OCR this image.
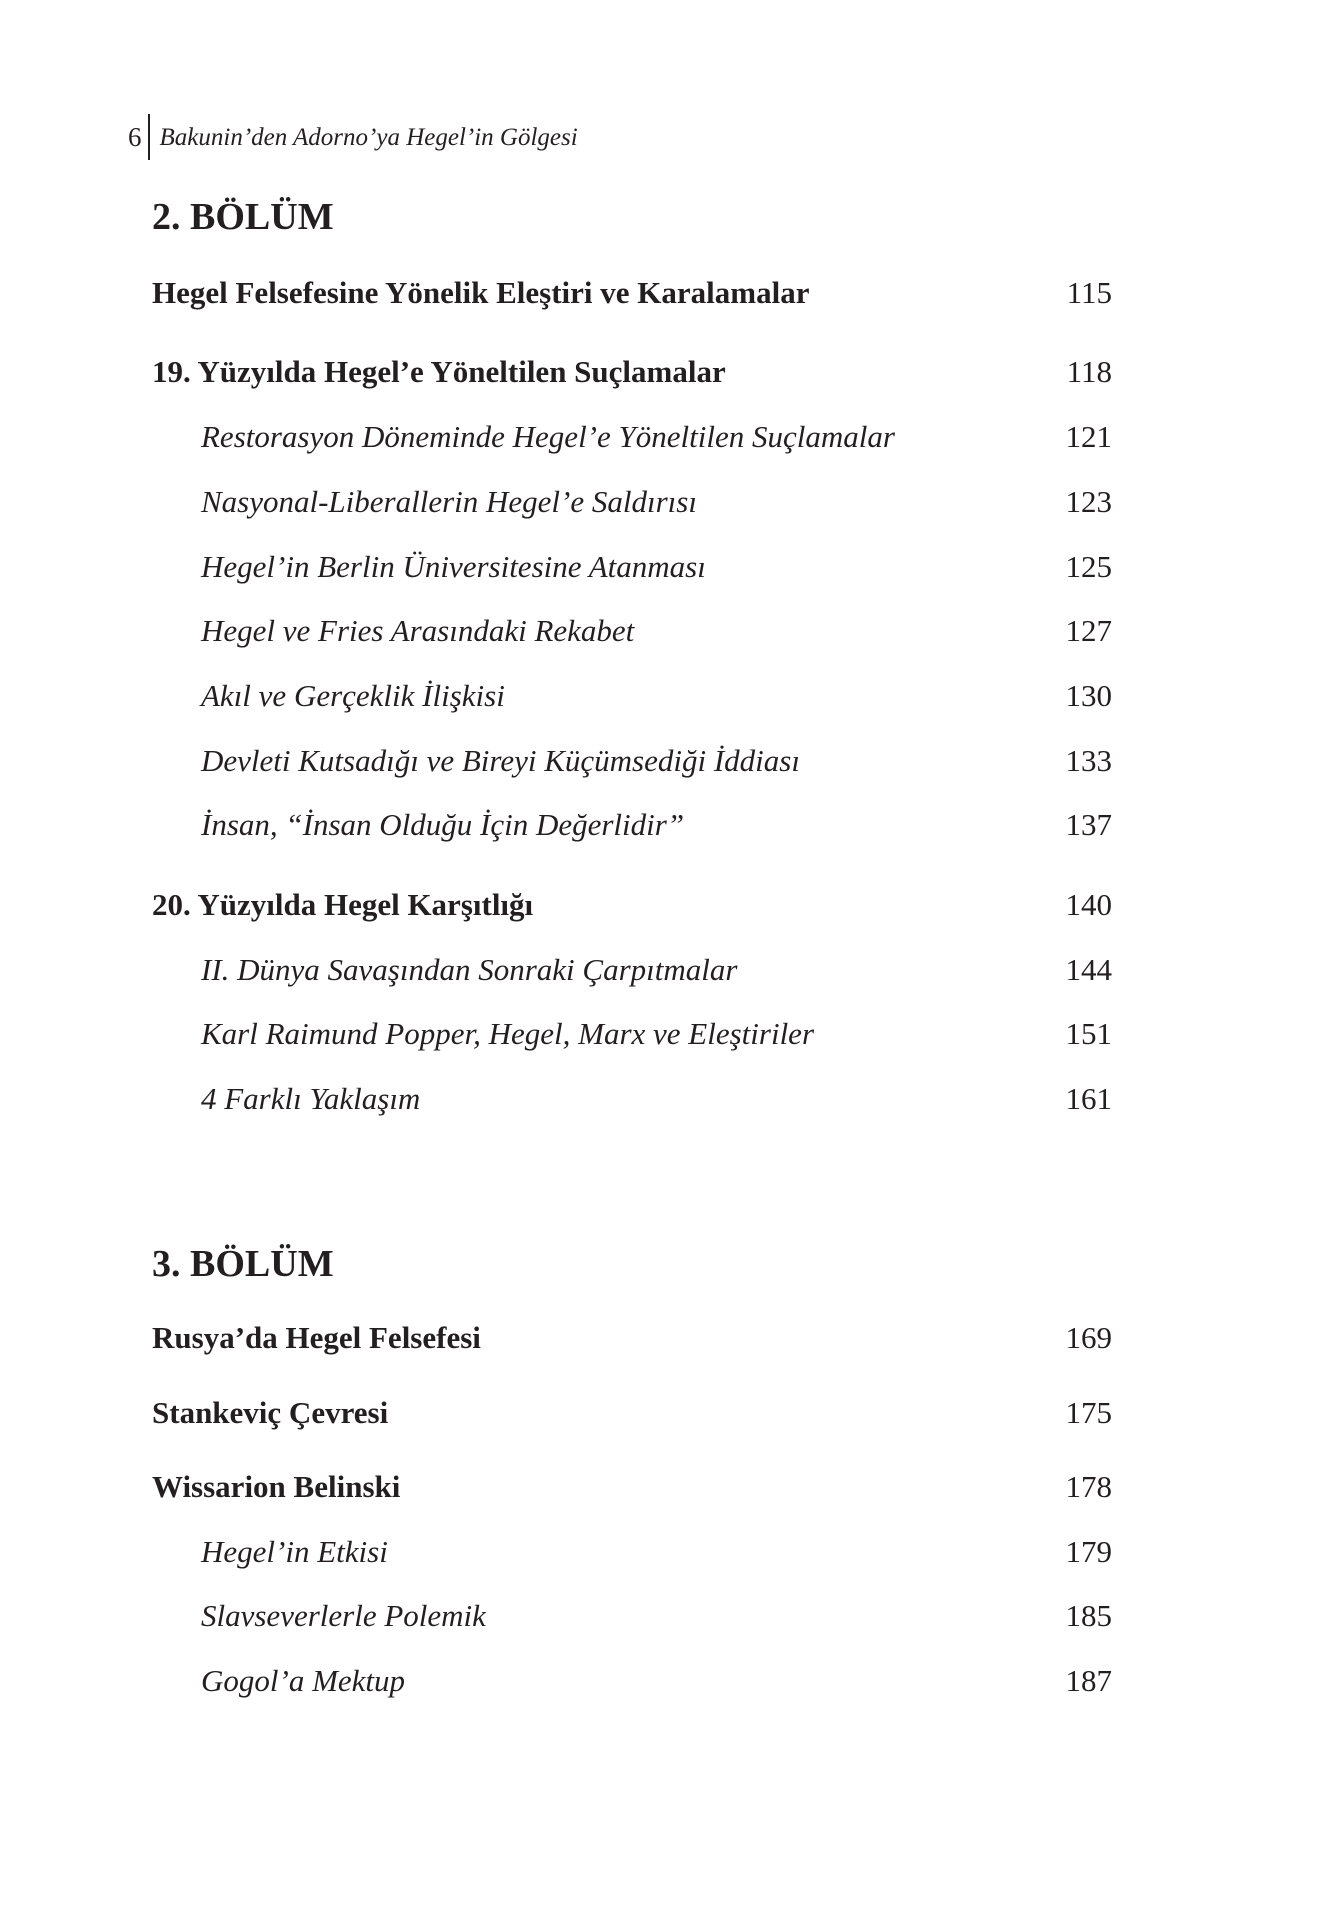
6 Bakunin’den Adorno’ya Hegel’in Gölgesi
2. BÖLÜM
Hegel Felsefesine Yönelik Eleştiri ve Karalamalar	115
19. Yüzyılda Hegel’e Yöneltilen Suçlamalar	118
Restorasyon Döneminde Hegel’e Yöneltilen Suçlamalar	121
Nasyonal-Liberallerin Hegel’e Saldırısı	123
Hegel’in Berlin Üniversitesine Atanması	125
Hegel ve Fries Arasındaki Rekabet	127
Akıl ve Gerçeklik İlişkisi	130
Devleti Kutsadığı ve Bireyi Küçümsediği İddiası	133
İnsan, “İnsan Olduğu İçin Değerlidir”	137
20. Yüzyılda Hegel Karşıtlığı	140
II. Dünya Savaşından Sonraki Çarpıtmalar	144
Karl Raimund Popper, Hegel, Marx ve Eleştiriler	151
4 Farklı Yaklaşım	161
3. BÖLÜM
Rusya’da Hegel Felsefesi	169
Stankeviç Çevresi	175
Wissarion Belinski	178
Hegel’in Etkisi	179
Slavseverlerle Polemik	185
Gogol’a Mektup	187
